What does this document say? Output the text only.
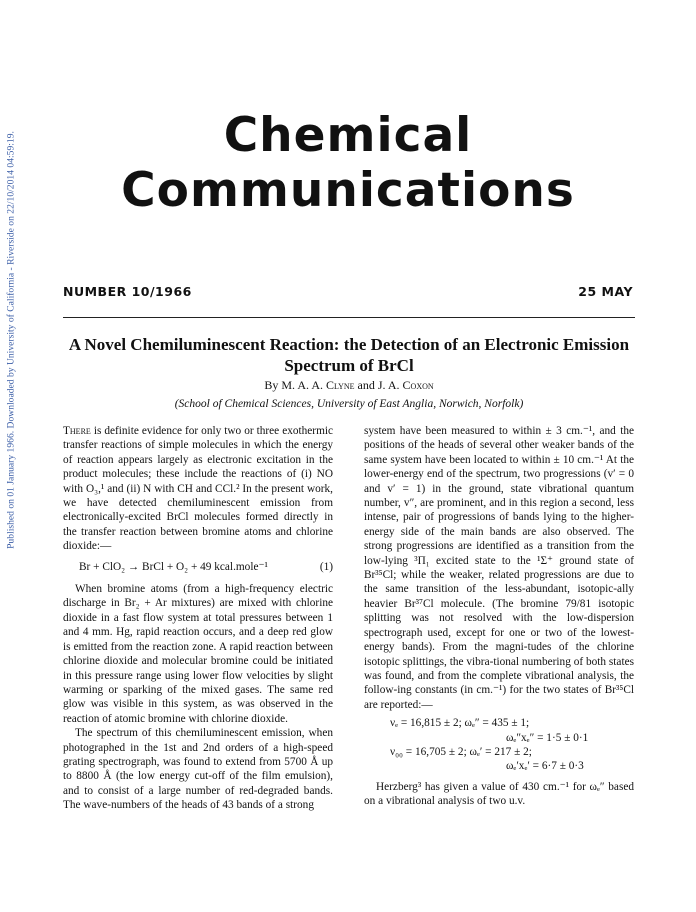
Published on 01 January 1966. Downloaded by University of California - Riverside on 22/10/2014 04:59:19.	Chemical
Communications
NUMBER 10/1966	25 MAY
A Novel Chemiluminescent Reaction: the Detection of an Electronic Emission Spectrum of BrCl
By M. A. A. Clyne and J. A. Coxon
(School of Chemical Sciences, University of East Anglia, Norwich, Norfolk)

There is definite evidence for only two or three exothermic transfer reactions of simple molecules in which the energy of reaction appears largely as electronic excitation in the product molecules; these include the reactions of (i) NO with O₃,¹ and (ii) N with CH and CCl.² In the present work, we have detected chemiluminescent emission from electronically-excited BrCl molecules formed directly in the transfer reaction between bromine atoms and chlorine dioxide:—

Br + ClO₂ → BrCl + O₂ + 49 kcal.mole⁻¹	(1)

When bromine atoms (from a high-frequency electric discharge in Br₂ + Ar mixtures) are mixed with chlorine dioxide in a fast flow system at total pressures between 1 and 4 mm. Hg, rapid reaction occurs, and a deep red glow is emitted from the reaction zone. A rapid reaction between chlorine dioxide and molecular bromine could be initiated in this pressure range using lower flow velocities by slight warming or sparking of the mixed gases. The same red glow was visible in this system, as was observed in the reaction of atomic bromine with chlorine dioxide.

The spectrum of this chemiluminescent emission, when photographed in the 1st and 2nd orders of a high-speed grating spectrograph, was found to extend from 5700 Å up to 8800 Å (the low energy cut-off of the film emulsion), and to consist of a large number of red-degraded bands. The wave-numbers of the heads of 43 bands of a strong

system have been measured to within ± 3 cm.⁻¹, and the positions of the heads of several other weaker bands of the same system have been located to within ± 10 cm.⁻¹ At the lower-energy end of the spectrum, two progressions (v′ = 0 and v′ = 1) in the ground, state vibrational quantum number, v″, are prominent, and in this region a second, less intense, pair of progressions of bands lying to the higher-energy side of the main bands are also observed. The strong progressions are identified as a transition from the low-lying ³Π₁ excited state to the ¹Σ⁺ ground state of Br³⁵Cl; while the weaker, related progressions are due to the same transition of the less-abundant, isotopic-ally heavier Br³⁷Cl molecule. (The bromine 79/81 isotopic splitting was not resolved with the low-dispersion spectrograph used, except for one or two of the lowest-energy bands). From the magni-tudes of the chlorine isotopic splittings, the vibra-tional numbering of both states was found, and from the complete vibrational analysis, the follow-ing constants (in cm.⁻¹) for the two states of Br³⁵Cl are reported:—

νₑ = 16,815 ± 2; ωₑ″ = 435 ± 1;
ωₑ″xₑ″ = 1·5 ± 0·1
ν₀₀ = 16,705 ± 2; ωₑ′ = 217 ± 2;
ωₑ′xₑ′ = 6·7 ± 0·3

Herzberg³ has given a value of 430 cm.⁻¹ for ωₑ″ based on a vibrational analysis of two u.v.
